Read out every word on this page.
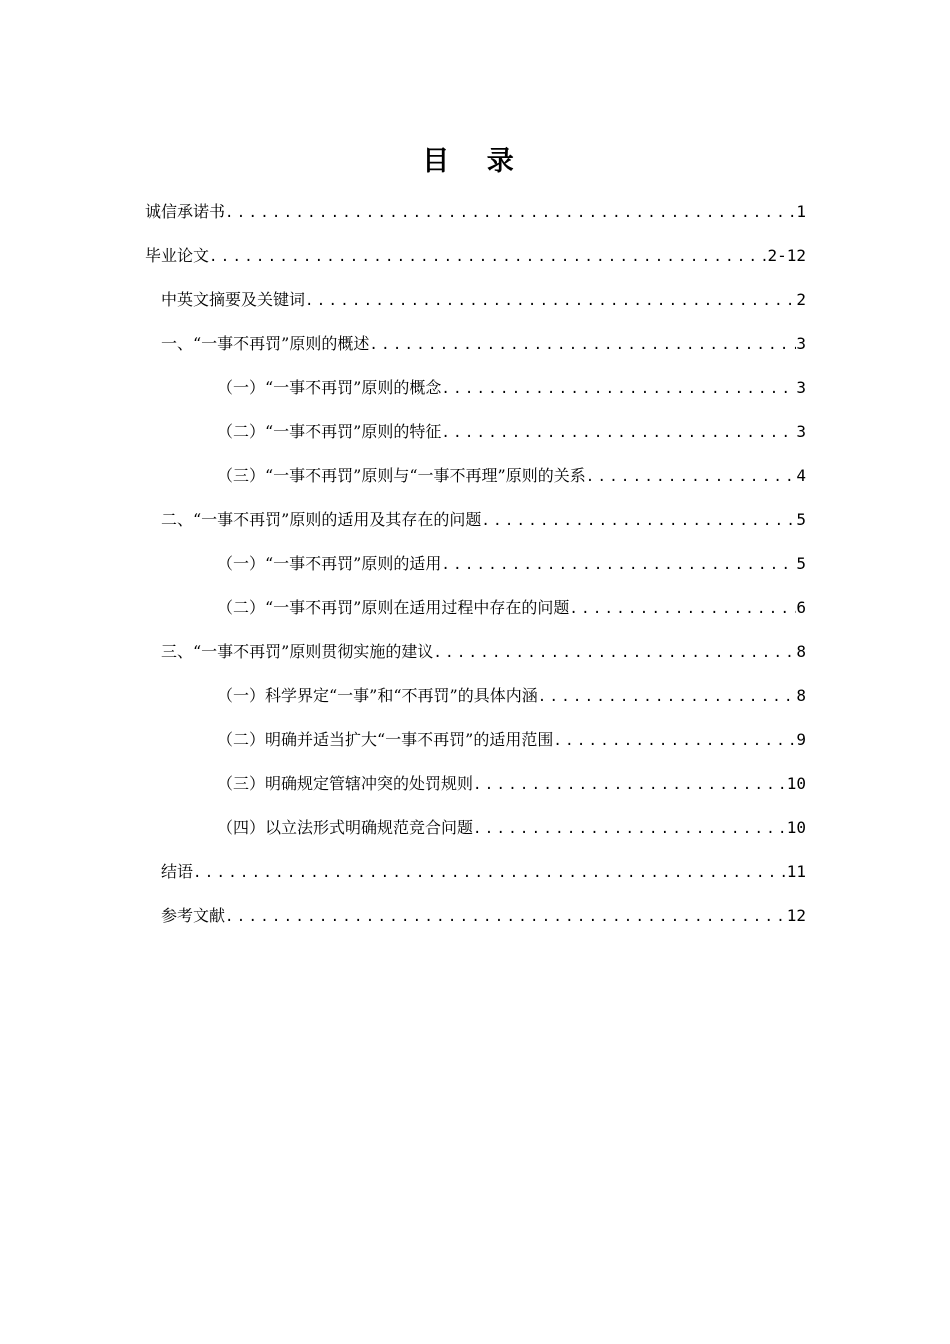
目 录
诚信承诺书 .....	1
毕业论文 .....	2-12
中英文摘要及关键词 .....	2
一、“一事不再罚”原则的概述 .....	3
（一）“一事不再罚”原则的概念 .....	3
（二）“一事不再罚”原则的特征 .....	3
（三）“一事不再罚”原则与“一事不再理”原则的关系 .....	4
二、“一事不再罚”原则的适用及其存在的问题 .....	5
（一）“一事不再罚”原则的适用 .....	5
（二）“一事不再罚”原则在适用过程中存在的问题 .....	6
三、“一事不再罚”原则贯彻实施的建议 .....	8
（一）科学界定“一事”和“不再罚”的具体内涵 .....	8
（二）明确并适当扩大“一事不再罚”的适用范围 .....	9
（三）明确规定管辖冲突的处罚规则 .....	10
（四）以立法形式明确规范竞合问题 .....	10
结语 .....	11
参考文献 .....	12
